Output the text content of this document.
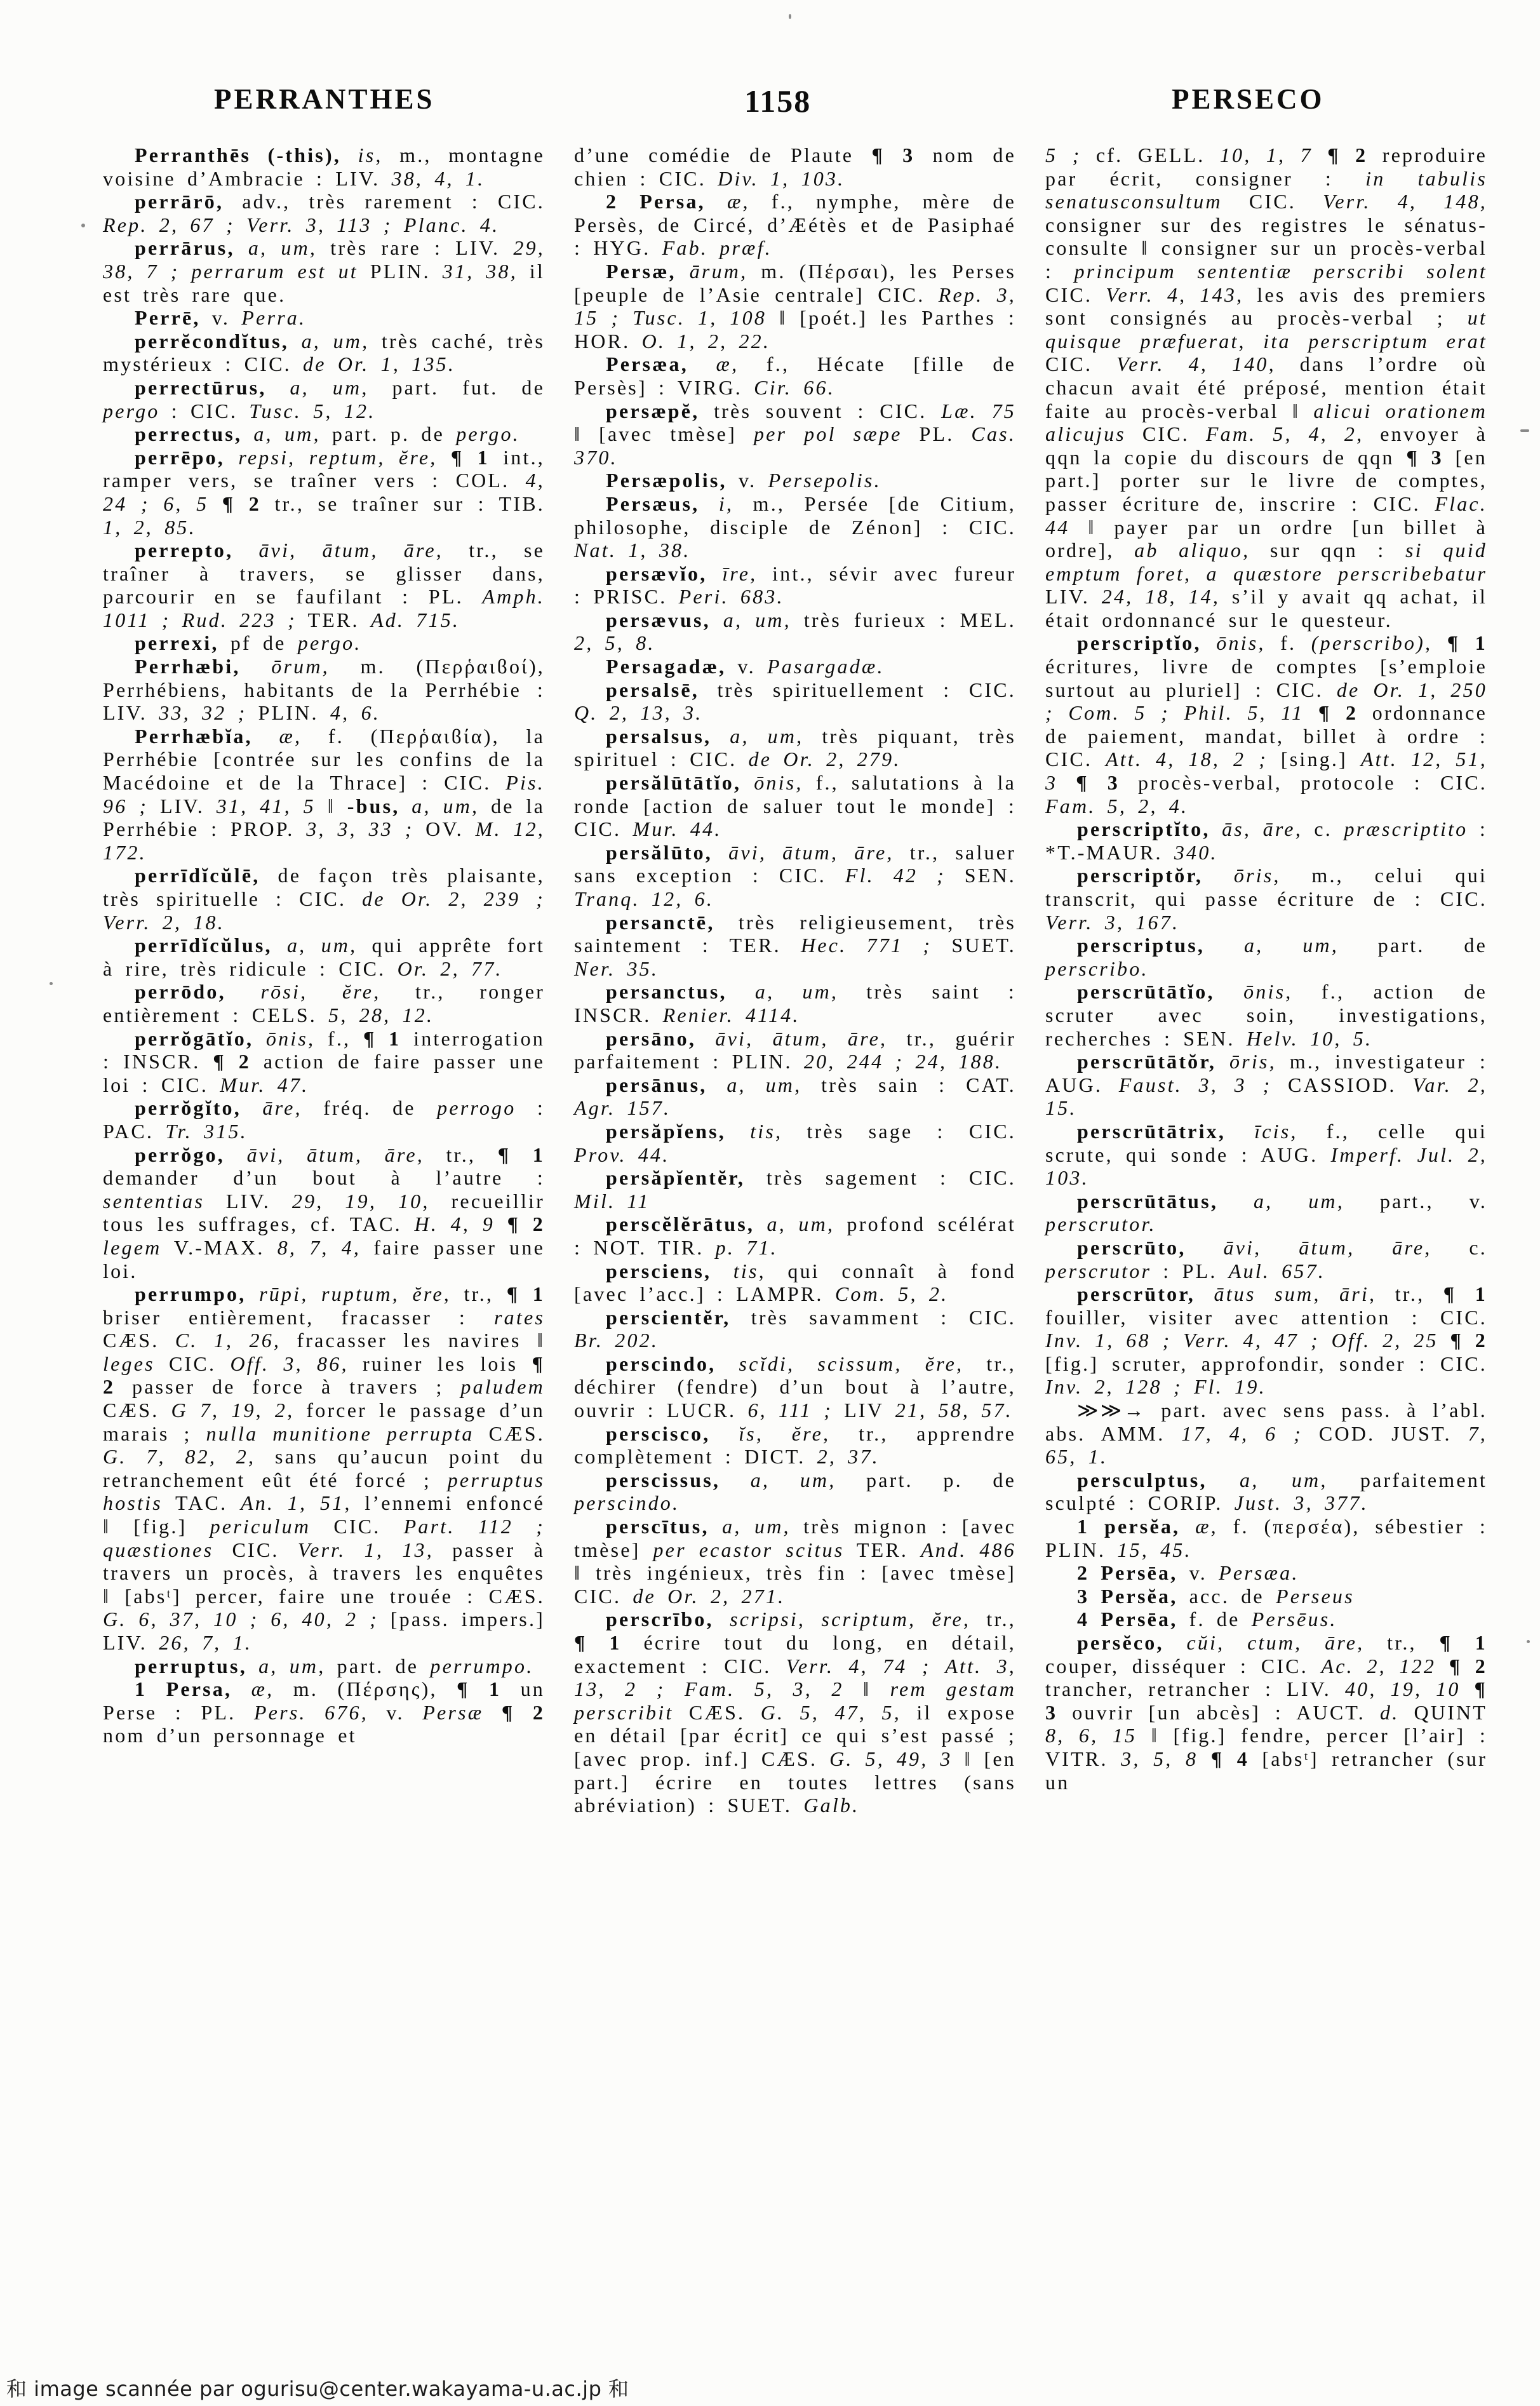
PERRANTHES	1158	PERSECO

Perranthēs (-this), is, m., montagne voisine d’Ambracie : LIV. 38, 4, 1.

perrārō, adv., très rarement : CIC. Rep. 2, 67 ; Verr. 3, 113 ; Planc. 4.

perrārus, a, um, très rare : LIV. 29, 38, 7 ; perrarum est ut PLIN. 31, 38, il est très rare que.

Perrē, v. Perra.

perrĕcondĭtus, a, um, très caché, très mystérieux : CIC. de Or. 1, 135.

perrectūrus, a, um, part. fut. de pergo : CIC. Tusc. 5, 12.

perrectus, a, um, part. p. de pergo.

perrēpo, repsi, reptum, ĕre, ¶ 1 int., ramper vers, se traîner vers : COL. 4, 24 ; 6, 5 ¶ 2 tr., se traîner sur : TIB. 1, 2, 85.

perrepto, āvi, ātum, āre, tr., se traîner à travers, se glisser dans, parcourir en se faufilant : PL. Amph. 1011 ; Rud. 223 ; TER. Ad. 715.

perrexi, pf de pergo.

Perrhæbi, ōrum, m. (Περῥαιϐοί), Perrhébiens, habitants de la Perrhébie : LIV. 33, 32 ; PLIN. 4, 6.

Perrhæbĭa, æ, f. (Περῥαιϐία), la Perrhébie [contrée sur les confins de la Macédoine et de la Thrace] : CIC. Pis. 96 ; LIV. 31, 41, 5 ‖ -bus, a, um, de la Perrhébie : PROP. 3, 3, 33 ; OV. M. 12, 172.

perrīdĭcŭlē, de façon très plaisante, très spirituelle : CIC. de Or. 2, 239 ; Verr. 2, 18.

perrīdĭcŭlus, a, um, qui apprête fort à rire, très ridicule : CIC. Or. 2, 77.

perrōdo, rōsi, ĕre, tr., ronger entièrement : CELS. 5, 28, 12.

perrŏgātĭo, ōnis, f., ¶ 1 interrogation : INSCR. ¶ 2 action de faire passer une loi : CIC. Mur. 47.

perrŏgĭto, āre, fréq. de perrogo : PAC. Tr. 315.

perrŏgo, āvi, ātum, āre, tr., ¶ 1 demander d’un bout à l’autre : sententias LIV. 29, 19, 10, recueillir tous les suffrages, cf. TAC. H. 4, 9 ¶ 2 legem V.-MAX. 8, 7, 4, faire passer une loi.

perrumpo, rūpi, ruptum, ĕre, tr., ¶ 1 briser entièrement, fracasser : rates CÆS. C. 1, 26, fracasser les navires ‖ leges CIC. Off. 3, 86, ruiner les lois ¶ 2 passer de force à travers ; paludem CÆS. G 7, 19, 2, forcer le passage d’un marais ; nulla munitione perrupta CÆS. G. 7, 82, 2, sans qu’aucun point du retranchement eût été forcé ; perruptus hostis TAC. An. 1, 51, l’ennemi enfoncé ‖ [fig.] periculum CIC. Part. 112 ; quæstiones CIC. Verr. 1, 13, passer à travers un procès, à travers les enquêtes ‖ [absᵗ] percer, faire une trouée : CÆS. G. 6, 37, 10 ; 6, 40, 2 ; [pass. impers.] LIV. 26, 7, 1.

perruptus, a, um, part. de perrumpo.

1 Persa, æ, m. (Πέρσης), ¶ 1 un Perse : PL. Pers. 676, v. Persæ ¶ 2 nom d’un personnage et

d’une comédie de Plaute ¶ 3 nom de chien : CIC. Div. 1, 103.

2 Persa, æ, f., nymphe, mère de Persès, de Circé, d’Æétès et de Pasiphaé : HYG. Fab. præf.

Persæ, ārum, m. (Πέρσαι), les Perses [peuple de l’Asie centrale] CIC. Rep. 3, 15 ; Tusc. 1, 108 ‖ [poét.] les Parthes : HOR. O. 1, 2, 22.

Persæa, æ, f., Hécate [fille de Persès] : VIRG. Cir. 66.

persæpĕ, très souvent : CIC. Læ. 75 ‖ [avec tmèse] per pol sæpe PL. Cas. 370.

Persæpolis, v. Persepolis.

Persæus, i, m., Persée [de Citium, philosophe, disciple de Zénon] : CIC. Nat. 1, 38.

persævĭo, īre, int., sévir avec fureur : PRISC. Peri. 683.

persævus, a, um, très furieux : MEL. 2, 5, 8.

Persagadæ, v. Pasargadæ.

persalsē, très spirituellement : CIC. Q. 2, 13, 3.

persalsus, a, um, très piquant, très spirituel : CIC. de Or. 2, 279.

persălūtātĭo, ōnis, f., salutations à la ronde [action de saluer tout le monde] : CIC. Mur. 44.

persălūto, āvi, ātum, āre, tr., saluer sans exception : CIC. Fl. 42 ; SEN. Tranq. 12, 6.

persanctē, très religieusement, très saintement : TER. Hec. 771 ; SUET. Ner. 35.

persanctus, a, um, très saint : INSCR. Renier. 4114.

persāno, āvi, ātum, āre, tr., guérir parfaitement : PLIN. 20, 244 ; 24, 188.

persānus, a, um, très sain : CAT. Agr. 157.

persăpĭens, tis, très sage : CIC. Prov. 44.

persăpĭentĕr, très sagement : CIC. Mil. 11

perscĕlĕrātus, a, um, profond scélérat : NOT. TIR. p. 71.

persciens, tis, qui connaît à fond [avec l’acc.] : LAMPR. Com. 5, 2.

perscientĕr, très savamment : CIC. Br. 202.

perscindo, scĭdi, scissum, ĕre, tr., déchirer (fendre) d’un bout à l’autre, ouvrir : LUCR. 6, 111 ; LIV 21, 58, 57.

perscisco, ĭs, ĕre, tr., apprendre complètement : DICT. 2, 37.

perscissus, a, um, part. p. de perscindo.

perscītus, a, um, très mignon : [avec tmèse] per ecastor scitus TER. And. 486 ‖ très ingénieux, très fin : [avec tmèse] CIC. de Or. 2, 271.

perscrībo, scripsi, scriptum, ĕre, tr., ¶ 1 écrire tout du long, en détail, exactement : CIC. Verr. 4, 74 ; Att. 3, 13, 2 ; Fam. 5, 3, 2 ‖ rem gestam perscribit CÆS. G. 5, 47, 5, il expose en détail [par écrit] ce qui s’est passé ; [avec prop. inf.] CÆS. G. 5, 49, 3 ‖ [en part.] écrire en toutes lettres (sans abréviation) : SUET. Galb.

5 ; cf. GELL. 10, 1, 7 ¶ 2 reproduire par écrit, consigner : in tabulis senatusconsultum CIC. Verr. 4, 148, consigner sur des registres le sénatus-consulte ‖ consigner sur un procès-verbal : principum sententiæ perscribi solent CIC. Verr. 4, 143, les avis des premiers sont consignés au procès-verbal ; ut quisque præfuerat, ita perscriptum erat CIC. Verr. 4, 140, dans l’ordre où chacun avait été préposé, mention était faite au procès-verbal ‖ alicui orationem alicujus CIC. Fam. 5, 4, 2, envoyer à qqn la copie du discours de qqn ¶ 3 [en part.] porter sur le livre de comptes, passer écriture de, inscrire : CIC. Flac. 44 ‖ payer par un ordre [un billet à ordre], ab aliquo, sur qqn : si quid emptum foret, a quæstore perscribebatur LIV. 24, 18, 14, s’il y avait qq achat, il était ordonnancé sur le questeur.

perscriptĭo, ōnis, f. (perscribo), ¶ 1 écritures, livre de comptes [s’emploie surtout au pluriel] : CIC. de Or. 1, 250 ; Com. 5 ; Phil. 5, 11 ¶ 2 ordonnance de paiement, mandat, billet à ordre : CIC. Att. 4, 18, 2 ; [sing.] Att. 12, 51, 3 ¶ 3 procès-verbal, protocole : CIC. Fam. 5, 2, 4.

perscriptĭto, ās, āre, c. præscriptito : *T.-MAUR. 340.

perscriptŏr, ōris, m., celui qui transcrit, qui passe écriture de : CIC. Verr. 3, 167.

perscriptus, a, um, part. de perscribo.

perscrūtātĭo, ōnis, f., action de scruter avec soin, investigations, recherches : SEN. Helv. 10, 5.

perscrūtātŏr, ōris, m., investigateur : AUG. Faust. 3, 3 ; CASSIOD. Var. 2, 15.

perscrūtātrix, īcis, f., celle qui scrute, qui sonde : AUG. Imperf. Jul. 2, 103.

perscrūtātus, a, um, part., v. perscrutor.

perscrūto, āvi, ātum, āre, c. perscrutor : PL. Aul. 657.

perscrūtor, ātus sum, āri, tr., ¶ 1 fouiller, visiter avec attention : CIC. Inv. 1, 68 ; Verr. 4, 47 ; Off. 2, 25 ¶ 2 [fig.] scruter, approfondir, sonder : CIC. Inv. 2, 128 ; Fl. 19.

≫≫→ part. avec sens pass. à l’abl. abs. AMM. 17, 4, 6 ; COD. JUST. 7, 65, 1.

persculptus, a, um, parfaitement sculpté : CORIP. Just. 3, 377.

1 persĕa, æ, f. (περσέα), sébestier : PLIN. 15, 45.

2 Persēa, v. Persæa.

3 Persĕa, acc. de Perseus

4 Persēa, f. de Persēus.

persĕco, cŭi, ctum, āre, tr., ¶ 1 couper, disséquer : CIC. Ac. 2, 122 ¶ 2 trancher, retrancher : LIV. 40, 19, 10 ¶ 3 ouvrir [un abcès] : AUCT. d. QUINT 8, 6, 15 ‖ [fig.] fendre, percer [l’air] : VITR. 3, 5, 8 ¶ 4 [absᵗ] retrancher (sur un

和 image scannée par ogurisu@center.wakayama-u.ac.jp 和
